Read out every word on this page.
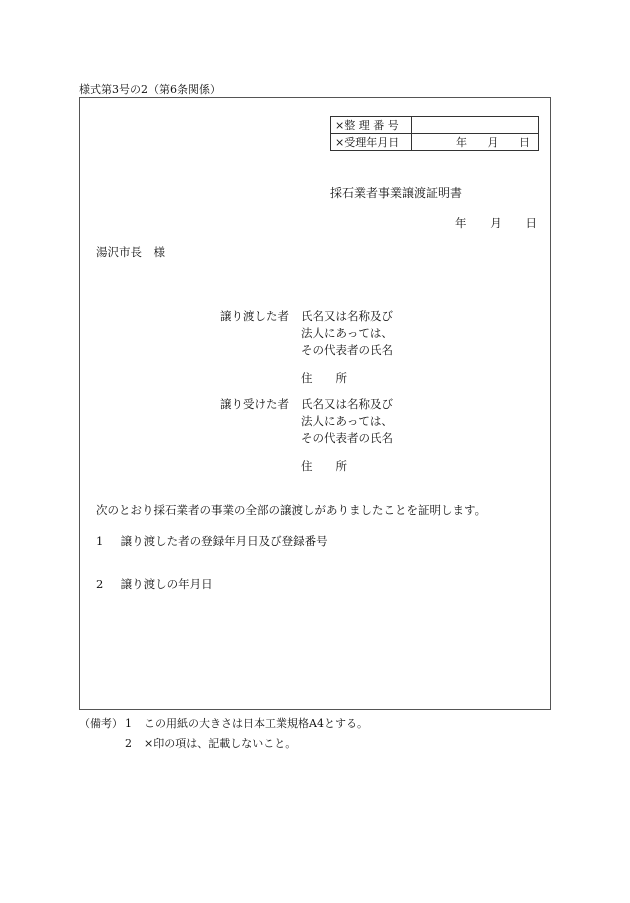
様式第3号の2（第6条関係）
×整 理 番 号	
×受理年月日	年 月 日
採石業者事業譲渡証明書
年 月 日
湯沢市長　様
譲り渡した者 氏名又は名称及び
法人にあっては、
その代表者の氏名
住　　所
譲り受けた者 氏名又は名称及び
法人にあっては、
その代表者の氏名
住　　所
次のとおり採石業者の事業の全部の譲渡しがありましたことを証明します。
1 譲り渡した者の登録年月日及び登録番号
2 譲り渡しの年月日
（備考） 1	この用紙の大きさは日本工業規格A4とする。
2	×印の項は、記載しないこと。
